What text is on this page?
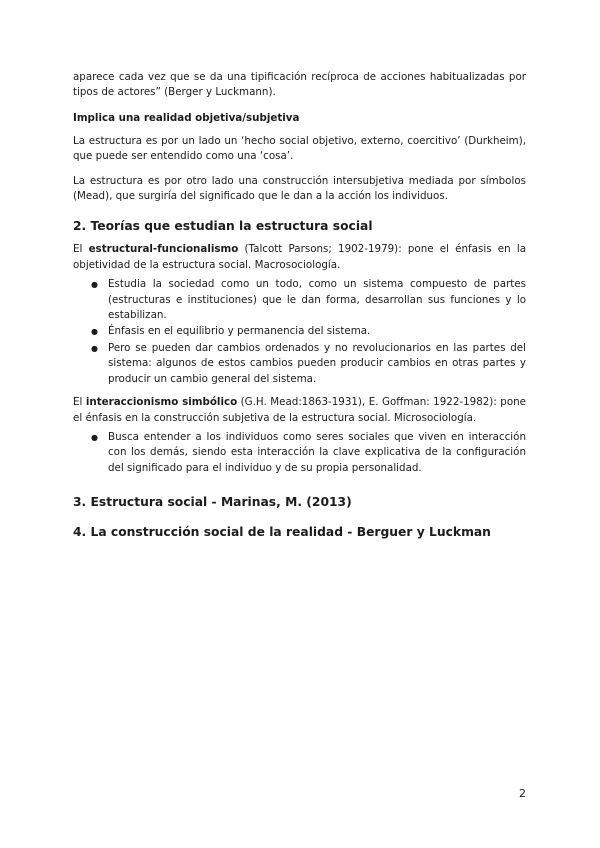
aparece cada vez que se da una tipificación recíproca de acciones habitualizadas por tipos de actores” (Berger y Luckmann).

Implica una realidad objetiva/subjetiva

La estructura es por un lado un ‘hecho social objetivo, externo, coercitivo’ (Durkheim), que puede ser entendido como una ‘cosa’.

La estructura es por otro lado una construcción intersubjetiva mediada por símbolos (Mead), que surgiría del significado que le dan a la acción los individuos.

2. Teorías que estudian la estructura social

El estructural-funcionalismo (Talcott Parsons; 1902-1979): pone el énfasis en la objetividad de la estructura social. Macrosociología.

● Estudia la sociedad como un todo, como un sistema compuesto de partes (estructuras e instituciones) que le dan forma, desarrollan sus funciones y lo estabilizan.
● Énfasis en el equilibrio y permanencia del sistema.
● Pero se pueden dar cambios ordenados y no revolucionarios en las partes del sistema: algunos de estos cambios pueden producir cambios en otras partes y producir un cambio general del sistema.

El interaccionismo simbólico (G.H. Mead:1863-1931), E. Goffman: 1922-1982): pone el énfasis en la construcción subjetiva de la estructura social. Microsociología.

● Busca entender a los individuos como seres sociales que viven en interacción con los demás, siendo esta interacción la clave explicativa de la configuración del significado para el individuo y de su propia personalidad.
3. Estructura social - Marinas, M. (2013)
4. La construcción social de la realidad - Berguer y Luckman
2
